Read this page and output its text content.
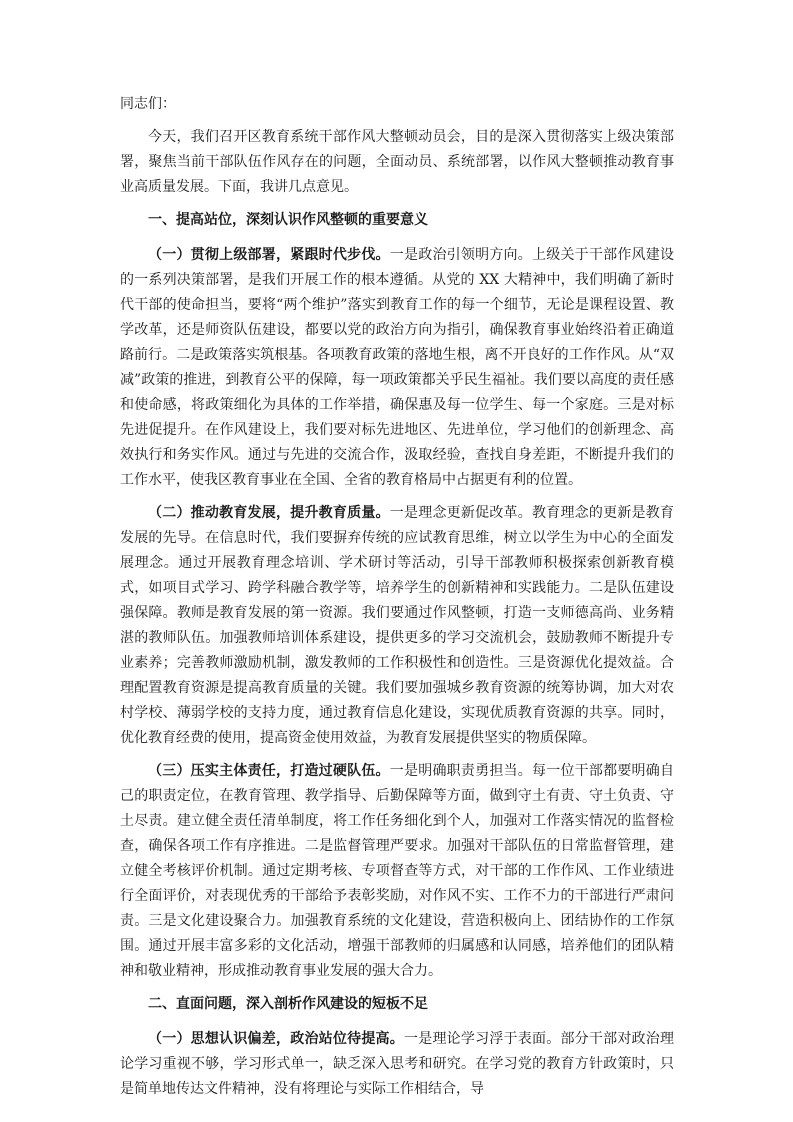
同志们：

今天，我们召开区教育系统干部作风大整顿动员会，目的是深入贯彻落实上级决策部署，聚焦当前干部队伍作风存在的问题，全面动员、系统部署，以作风大整顿推动教育事业高质量发展。下面，我讲几点意见。

一、提高站位，深刻认识作风整顿的重要意义

（一）贯彻上级部署，紧跟时代步伐。一是政治引领明方向。上级关于干部作风建设的一系列决策部署，是我们开展工作的根本遵循。从党的 XX 大精神中，我们明确了新时代干部的使命担当，要将“两个维护”落实到教育工作的每一个细节，无论是课程设置、教学改革，还是师资队伍建设，都要以党的政治方向为指引，确保教育事业始终沿着正确道路前行。二是政策落实筑根基。各项教育政策的落地生根，离不开良好的工作作风。从“双减”政策的推进，到教育公平的保障，每一项政策都关乎民生福祉。我们要以高度的责任感和使命感，将政策细化为具体的工作举措，确保惠及每一位学生、每一个家庭。三是对标先进促提升。在作风建设上，我们要对标先进地区、先进单位，学习他们的创新理念、高效执行和务实作风。通过与先进的交流合作，汲取经验，查找自身差距，不断提升我们的工作水平，使我区教育事业在全国、全省的教育格局中占据更有利的位置。

（二）推动教育发展，提升教育质量。一是理念更新促改革。教育理念的更新是教育发展的先导。在信息时代，我们要摒弃传统的应试教育思维，树立以学生为中心的全面发展理念。通过开展教育理念培训、学术研讨等活动，引导干部教师积极探索创新教育模式，如项目式学习、跨学科融合教学等，培养学生的创新精神和实践能力。二是队伍建设强保障。教师是教育发展的第一资源。我们要通过作风整顿，打造一支师德高尚、业务精湛的教师队伍。加强教师培训体系建设，提供更多的学习交流机会，鼓励教师不断提升专业素养；完善教师激励机制，激发教师的工作积极性和创造性。三是资源优化提效益。合理配置教育资源是提高教育质量的关键。我们要加强城乡教育资源的统筹协调，加大对农村学校、薄弱学校的支持力度，通过教育信息化建设，实现优质教育资源的共享。同时，优化教育经费的使用，提高资金使用效益，为教育发展提供坚实的物质保障。

（三）压实主体责任，打造过硬队伍。一是明确职责勇担当。每一位干部都要明确自己的职责定位，在教育管理、教学指导、后勤保障等方面，做到守土有责、守土负责、守土尽责。建立健全责任清单制度，将工作任务细化到个人，加强对工作落实情况的监督检查，确保各项工作有序推进。二是监督管理严要求。加强对干部队伍的日常监督管理，建立健全考核评价机制。通过定期考核、专项督查等方式，对干部的工作作风、工作业绩进行全面评价，对表现优秀的干部给予表彰奖励，对作风不实、工作不力的干部进行严肃问责。三是文化建设聚合力。加强教育系统的文化建设，营造积极向上、团结协作的工作氛围。通过开展丰富多彩的文化活动，增强干部教师的归属感和认同感，培养他们的团队精神和敬业精神，形成推动教育事业发展的强大合力。

二、直面问题，深入剖析作风建设的短板不足

（一）思想认识偏差，政治站位待提高。一是理论学习浮于表面。部分干部对政治理论学习重视不够，学习形式单一，缺乏深入思考和研究。在学习党的教育方针政策时，只是简单地传达文件精神，没有将理论与实际工作相结合，导
